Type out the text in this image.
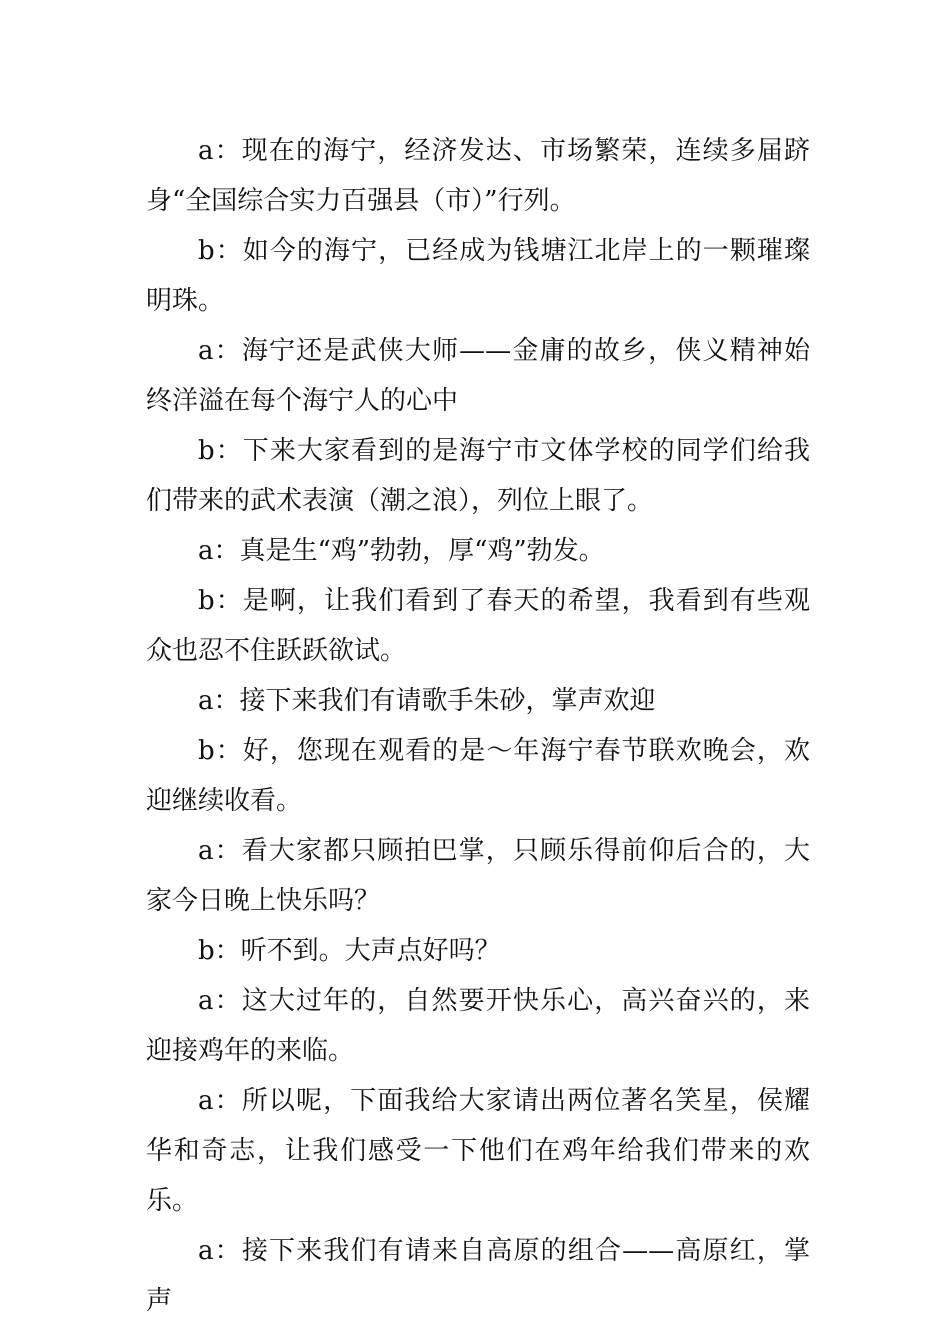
a：现在的海宁，经济发达、市场繁荣，连续多届跻身“全国综合实力百强县（市）”行列。

b：如今的海宁，已经成为钱塘江北岸上的一颗璀璨明珠。

a：海宁还是武侠大师——金庸的故乡，侠义精神始终洋溢在每个海宁人的心中

b：下来大家看到的是海宁市文体学校的同学们给我们带来的武术表演（潮之浪），列位上眼了。

a：真是生“鸡”勃勃，厚“鸡”勃发。

b：是啊，让我们看到了春天的希望，我看到有些观众也忍不住跃跃欲试。

a：接下来我们有请歌手朱砂，掌声欢迎

b：好，您现在观看的是～年海宁春节联欢晚会，欢迎继续收看。

a：看大家都只顾拍巴掌，只顾乐得前仰后合的，大家今日晚上快乐吗？

b：听不到。大声点好吗？

a：这大过年的，自然要开快乐心，高兴奋兴的，来迎接鸡年的来临。

a：所以呢，下面我给大家请出两位著名笑星，侯耀华和奇志，让我们感受一下他们在鸡年给我们带来的欢乐。

a：接下来我们有请来自高原的组合——高原红，掌声
